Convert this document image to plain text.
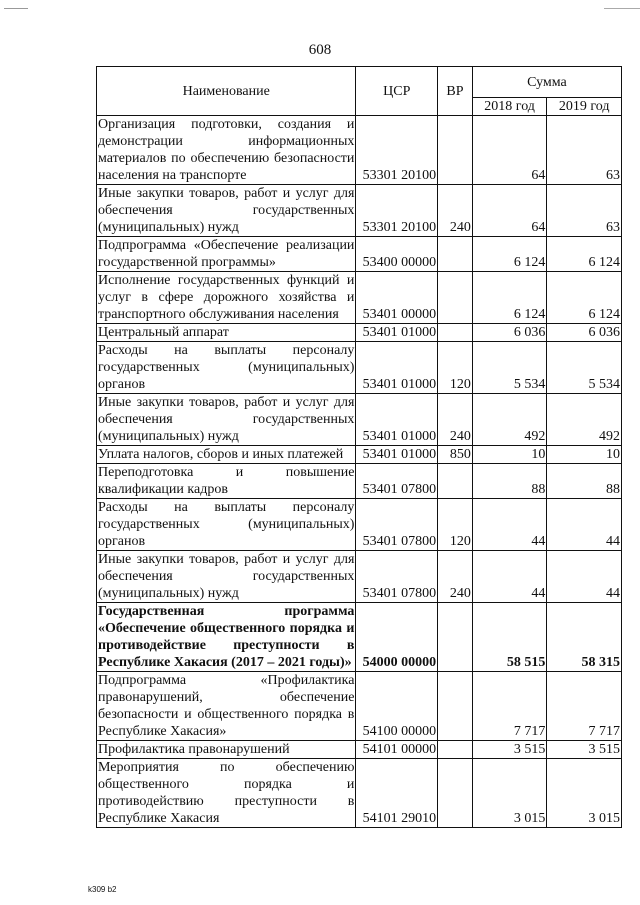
608
Наименование	ЦСР	ВР	Сумма	
			2018 год	2019 год
Организация подготовки, создания и демонстрации информационных материалов по обеспечению безопасности населения на транспорте	53301 20100		64	63
Иные закупки товаров, работ и услуг для обеспечения государственных (муниципальных) нужд	53301 20100	240	64	63
Подпрограмма «Обеспечение реализации государственной программы»	53400 00000		6 124	6 124
Исполнение государственных функций и услуг в сфере дорожного хозяйства и транспортного обслуживания населения	53401 00000		6 124	6 124
Центральный аппарат	53401 01000		6 036	6 036
Расходы на выплаты персоналу государственных (муниципальных) органов	53401 01000	120	5 534	5 534
Иные закупки товаров, работ и услуг для обеспечения государственных (муниципальных) нужд	53401 01000	240	492	492
Уплата налогов, сборов и иных платежей	53401 01000	850	10	10
Переподготовка и повышение квалификации кадров	53401 07800		88	88
Расходы на выплаты персоналу государственных (муниципальных) органов	53401 07800	120	44	44
Иные закупки товаров, работ и услуг для обеспечения государственных (муниципальных) нужд	53401 07800	240	44	44
Государственная программа «Обеспечение общественного порядка и противодействие преступности в Республике Хакасия (2017 – 2021 годы)»	54000 00000		58 515	58 315
Подпрограмма «Профилактика правонарушений, обеспечение безопасности и общественного порядка в Республике Хакасия»	54100 00000		7 717	7 717
Профилактика правонарушений	54101 00000		3 515	3 515
Мероприятия по обеспечению общественного порядка и противодействию преступности в Республике Хакасия	54101 29010		3 015	3 015
k309 b2
